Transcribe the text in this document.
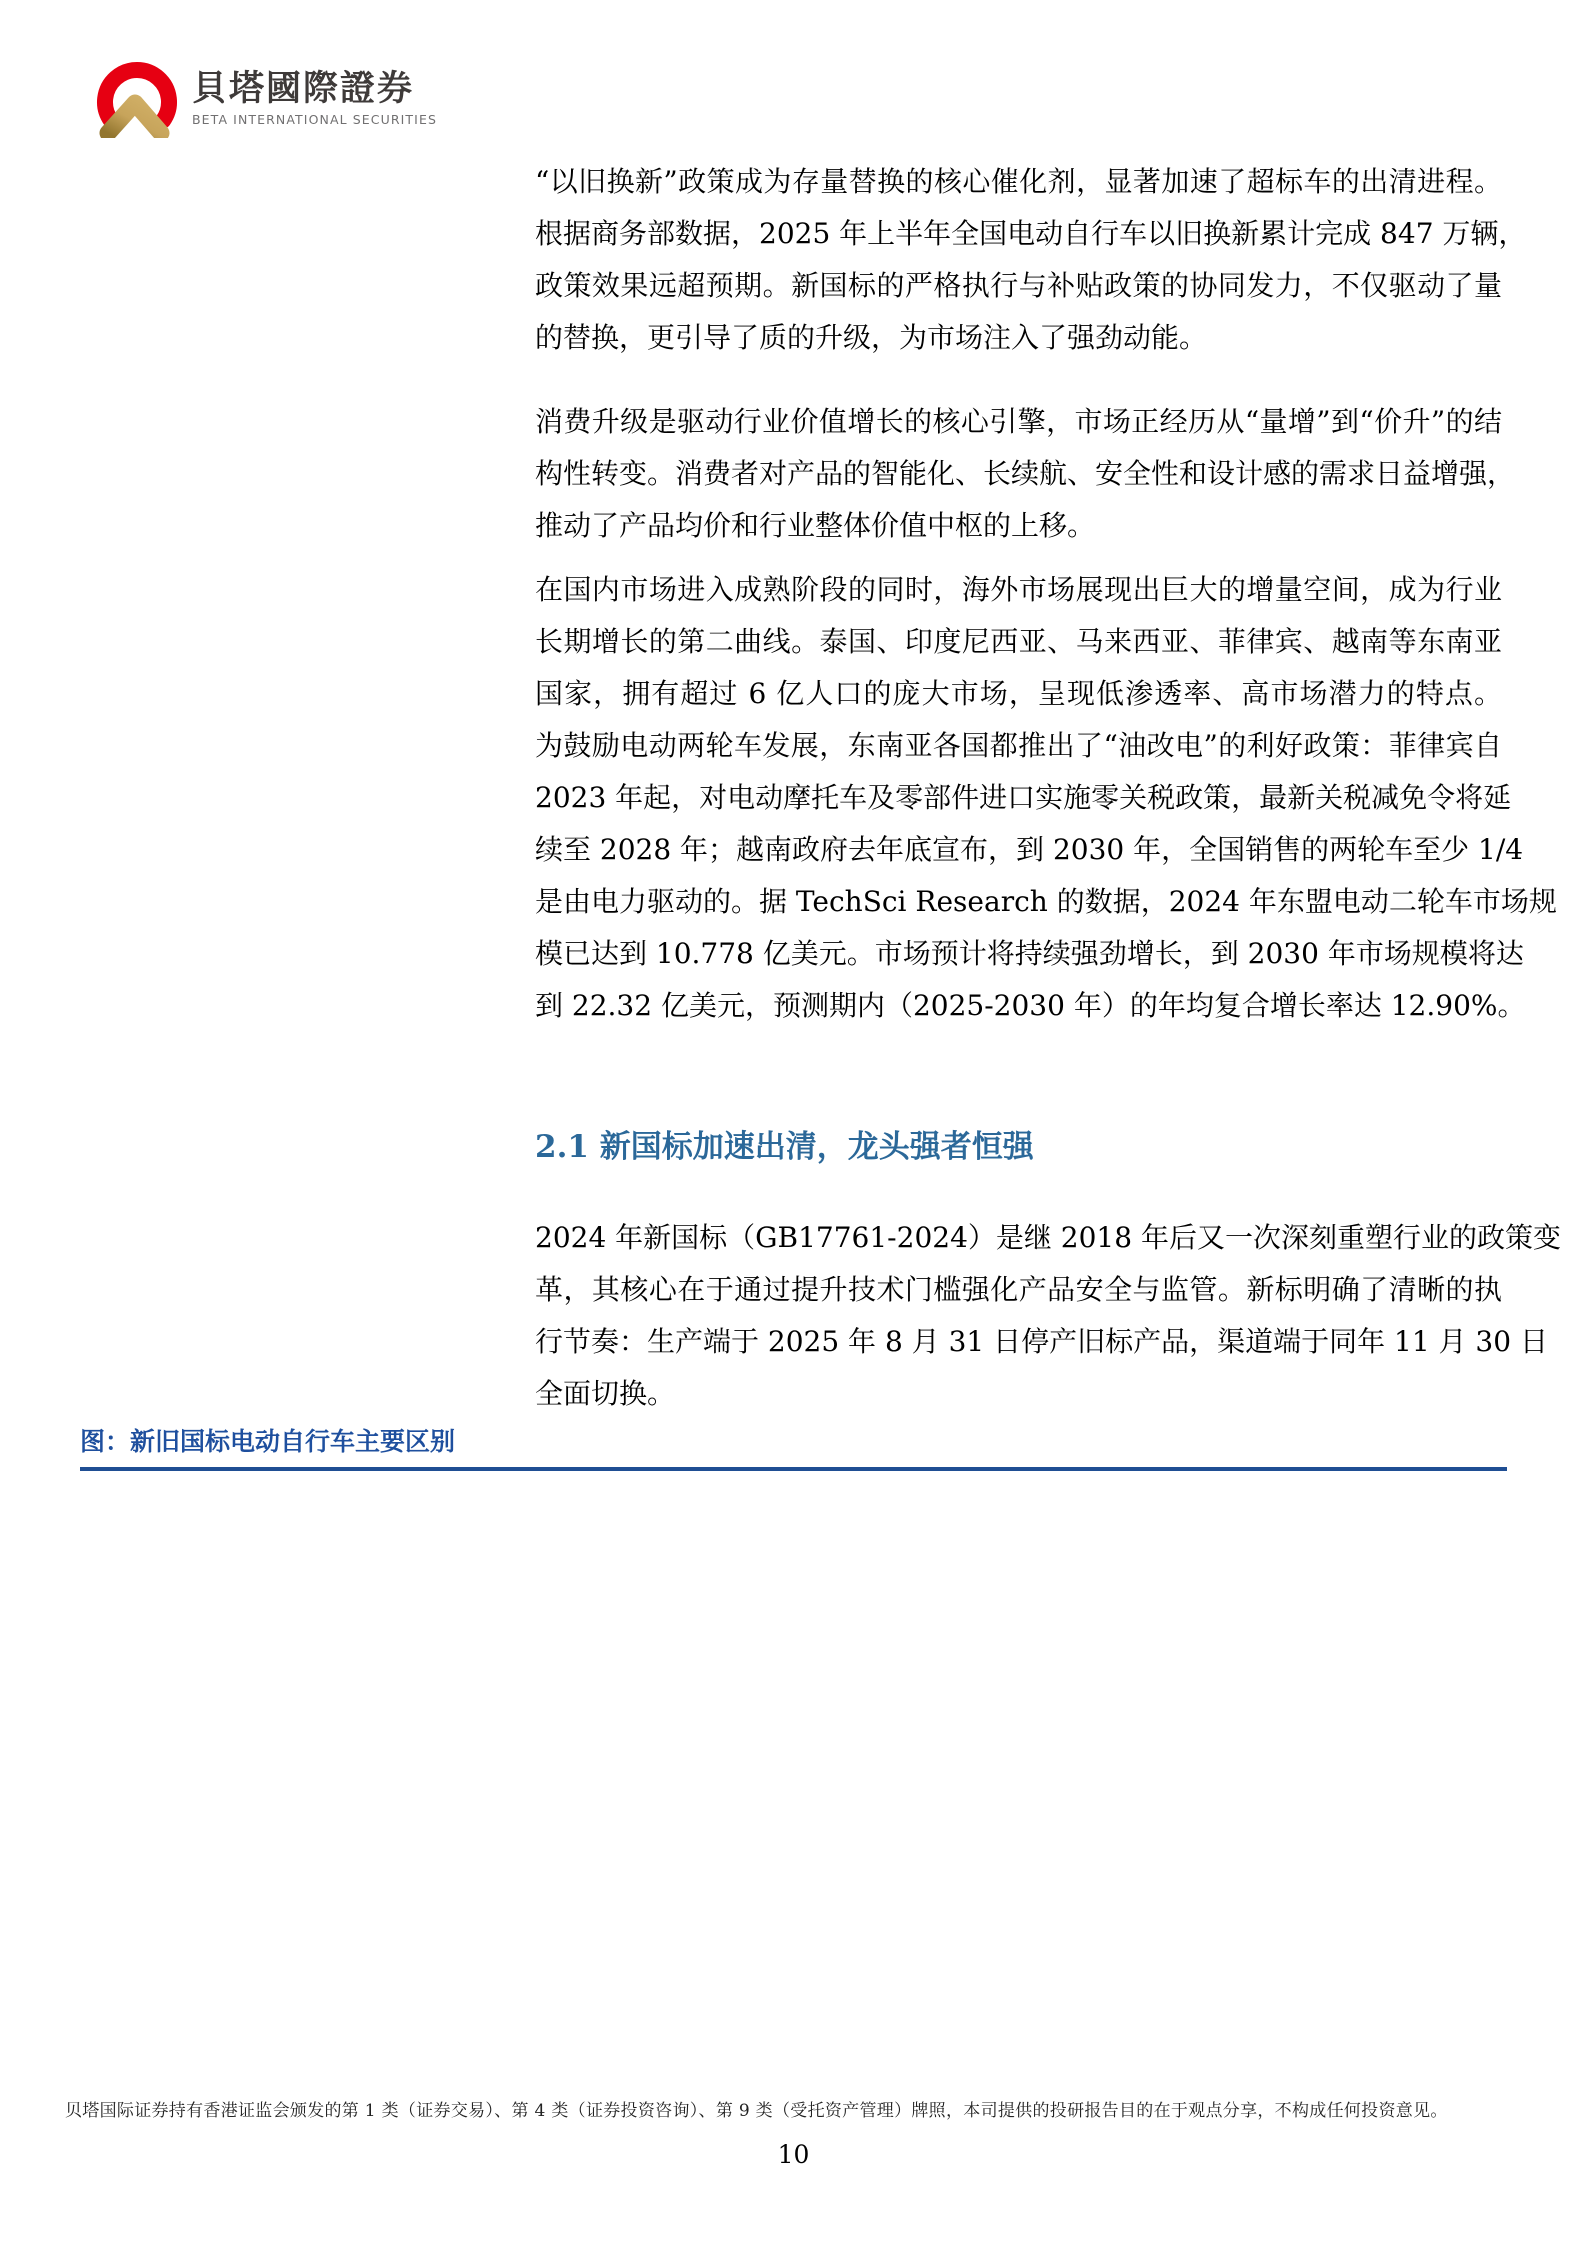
貝塔國際證券
BETA INTERNATIONAL SECURITIES
“以旧换新”政策成为存量替换的核心催化剂，显著加速了超标车的出清进程。
根据商务部数据，2025 年上半年全国电动自行车以旧换新累计完成 847 万辆，
政策效果远超预期。新国标的严格执行与补贴政策的协同发力，不仅驱动了量
的替换，更引导了质的升级，为市场注入了强劲动能。
消费升级是驱动行业价值增长的核心引擎，市场正经历从“量增”到“价升”的结
构性转变。消费者对产品的智能化、长续航、安全性和设计感的需求日益增强，
推动了产品均价和行业整体价值中枢的上移。
在国内市场进入成熟阶段的同时，海外市场展现出巨大的增量空间，成为行业
长期增长的第二曲线。泰国、印度尼西亚、马来西亚、菲律宾、越南等东南亚
国家，拥有超过 6 亿人口的庞大市场，呈现低渗透率、高市场潜力的特点。
为鼓励电动两轮车发展，东南亚各国都推出了“油改电”的利好政策：菲律宾自
2023 年起，对电动摩托车及零部件进口实施零关税政策，最新关税减免令将延
续至 2028 年；越南政府去年底宣布，到 2030 年，全国销售的两轮车至少 1/4
是由电力驱动的。据 TechSci Research 的数据，2024 年东盟电动二轮车市场规
模已达到 10.778 亿美元。市场预计将持续强劲增长，到 2030 年市场规模将达
到 22.32 亿美元，预测期内（2025-2030 年）的年均复合增长率达 12.90%。
2.1 新国标加速出清，龙头强者恒强
2024 年新国标（GB17761-2024）是继 2018 年后又一次深刻重塑行业的政策变
革，其核心在于通过提升技术门槛强化产品安全与监管。新标明确了清晰的执
行节奏：生产端于 2025 年 8 月 31 日停产旧标产品，渠道端于同年 11 月 30 日
全面切换。
图：新旧国标电动自行车主要区别
贝塔国际证券持有香港证监会颁发的第 1 类（证券交易）、第 4 类（证券投资咨询）、第 9 类（受托资产管理）牌照，本司提供的投研报告目的在于观点分享，不构成任何投资意见。
10
